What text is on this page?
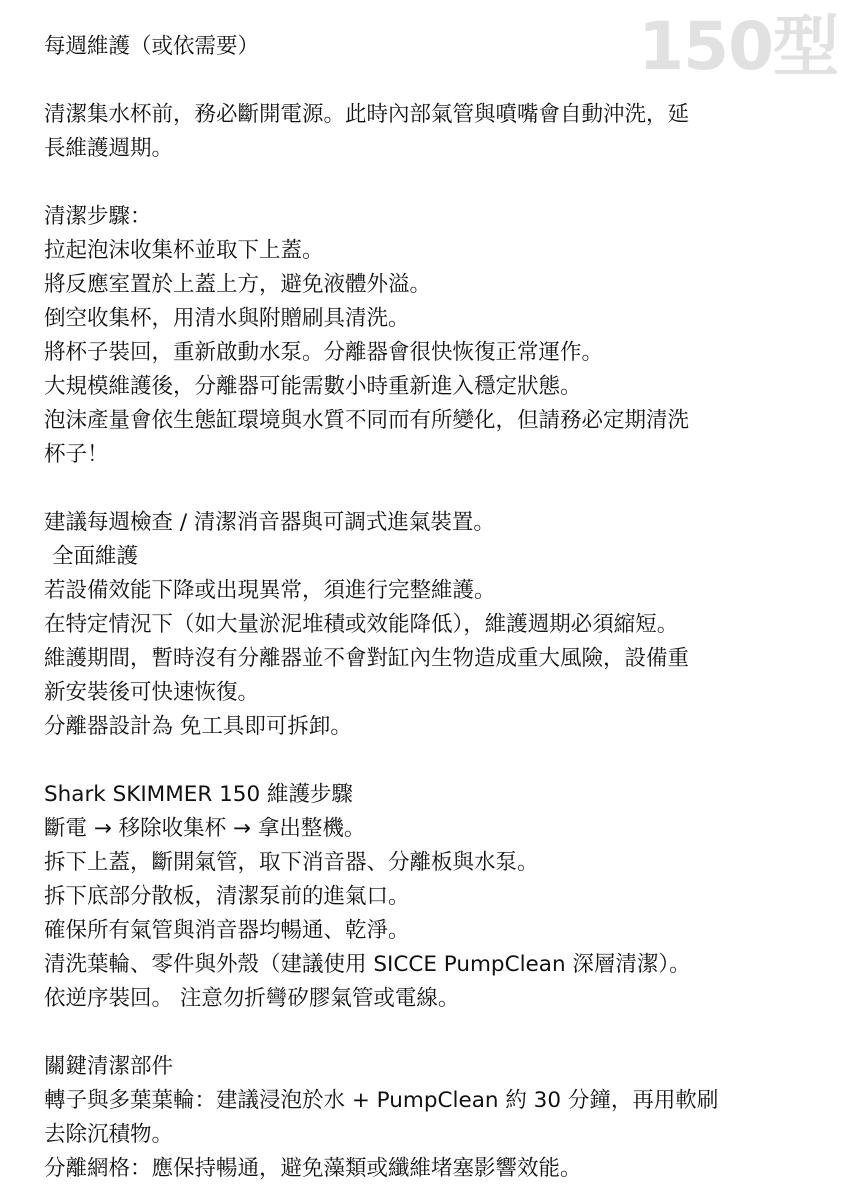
150型
每週維護（或依需要）
清潔集水杯前，務必斷開電源。此時內部氣管與噴嘴會自動沖洗，延
長維護週期。
清潔步驟：
拉起泡沫收集杯並取下上蓋。
將反應室置於上蓋上方，避免液體外溢。
倒空收集杯，用清水與附贈刷具清洗。
將杯子裝回，重新啟動水泵。分離器會很快恢復正常運作。
大規模維護後，分離器可能需數小時重新進入穩定狀態。
泡沫產量會依生態缸環境與水質不同而有所變化，但請務必定期清洗
杯子！
建議每週檢查 / 清潔消音器與可調式進氣裝置。
全面維護
若設備效能下降或出現異常，須進行完整維護。
在特定情況下（如大量淤泥堆積或效能降低），維護週期必須縮短。
維護期間，暫時沒有分離器並不會對缸內生物造成重大風險，設備重
新安裝後可快速恢復。
分離器設計為 免工具即可拆卸。
Shark SKIMMER 150 維護步驟
斷電 → 移除收集杯 → 拿出整機。
拆下上蓋，斷開氣管，取下消音器、分離板與水泵。
拆下底部分散板，清潔泵前的進氣口。
確保所有氣管與消音器均暢通、乾淨。
清洗葉輪、零件與外殼（建議使用 SICCE PumpClean 深層清潔）。
依逆序裝回。 注意勿折彎矽膠氣管或電線。
關鍵清潔部件
轉子與多葉葉輪：建議浸泡於水 + PumpClean 約 30 分鐘，再用軟刷
去除沉積物。
分離網格：應保持暢通，避免藻類或纖維堵塞影響效能。
